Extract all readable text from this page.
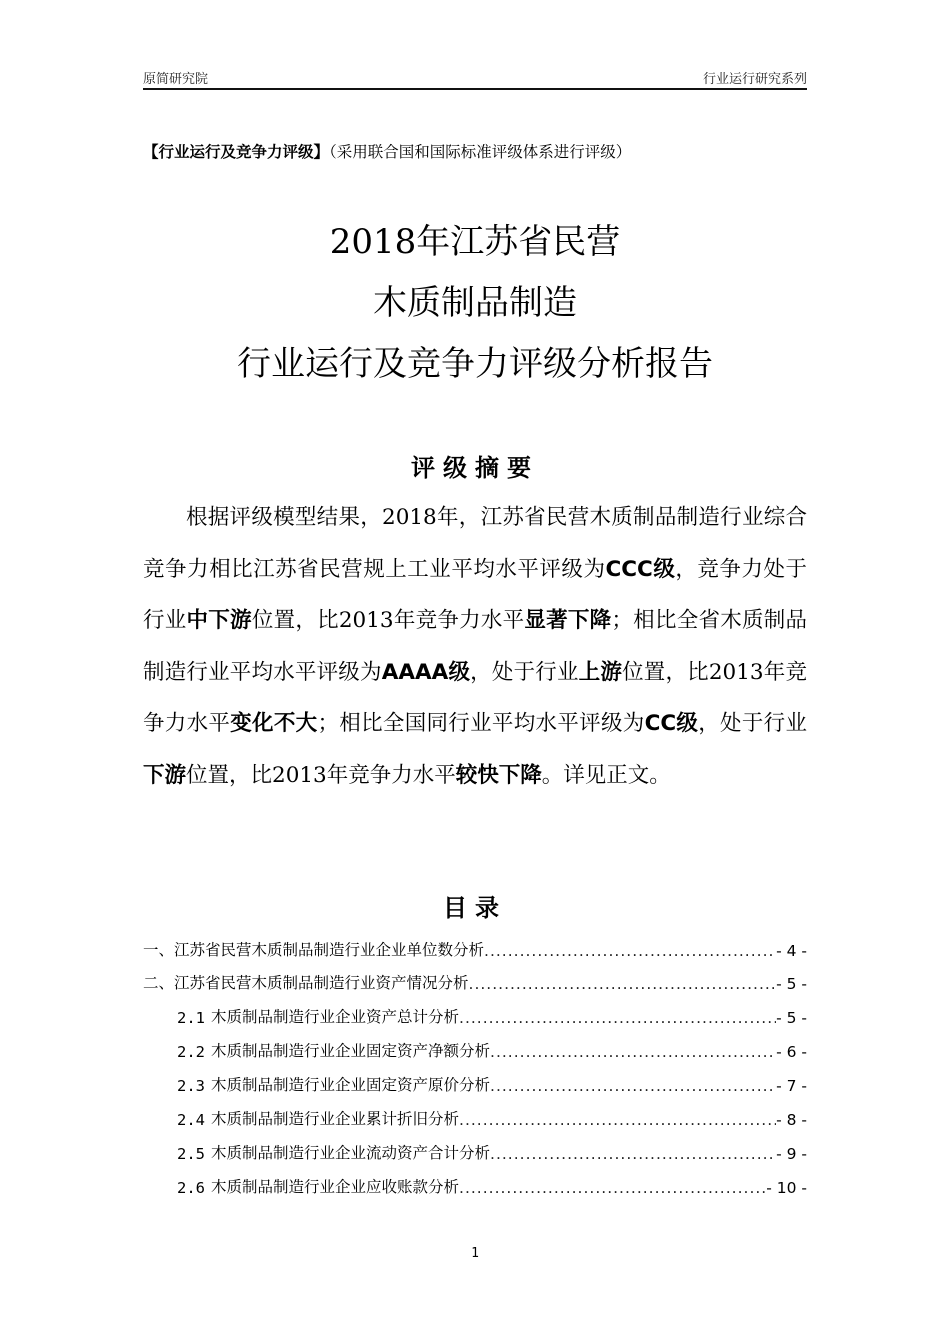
原简研究院	行业运行研究系列
【行业运行及竞争力评级】（采用联合国和国际标准评级体系进行评级）
2018年江苏省民营
木质制品制造
行业运行及竞争力评级分析报告
评级摘要

根据评级模型结果，2018年，江苏省民营木质制品制造行业综合竞争力相比江苏省民营规上工业平均水平评级为CCC级，竞争力处于行业中下游位置，比2013年竞争力水平显著下降；相比全省木质制品制造行业平均水平评级为AAAA级，处于行业上游位置，比2013年竞争力水平变化不大；相比全国同行业平均水平评级为CC级，处于行业下游位置，比2013年竞争力水平较快下降。详见正文。

目录
一、江苏省民营木质制品制造行业企业单位数分析 .....	- 4 -
二、江苏省民营木质制品制造行业资产情况分析 .....	- 5 -
2.1 木质制品制造行业企业资产总计分析 .....	- 5 -
2.2 木质制品制造行业企业固定资产净额分析 .....	- 6 -
2.3 木质制品制造行业企业固定资产原价分析 .....	- 7 -
2.4 木质制品制造行业企业累计折旧分析 .....	- 8 -
2.5 木质制品制造行业企业流动资产合计分析 .....	- 9 -
2.6 木质制品制造行业企业应收账款分析 .....	- 10 -
1
